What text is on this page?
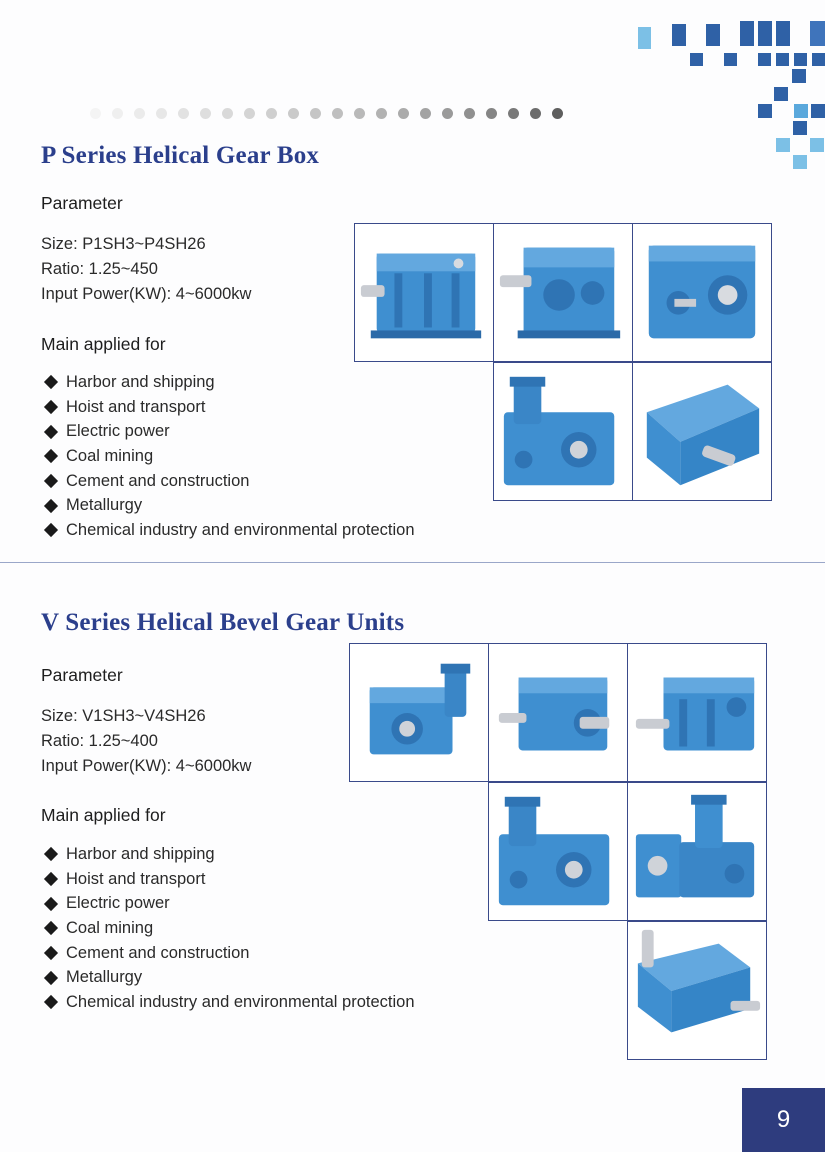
P Series Helical Gear Box
Parameter
Size: P1SH3~P4SH26
Ratio: 1.25~450
Input Power(KW): 4~6000kw
Main applied for
Harbor and shipping
Hoist and transport
Electric power
Coal mining
Cement and construction
Metallurgy
Chemical industry and environmental protection
V Series Helical Bevel Gear Units
Parameter
Size: V1SH3~V4SH26
Ratio: 1.25~400
Input Power(KW): 4~6000kw
Main applied for
Harbor and shipping
Hoist and transport
Electric power
Coal mining
Cement and construction
Metallurgy
Chemical industry and environmental protection
9
